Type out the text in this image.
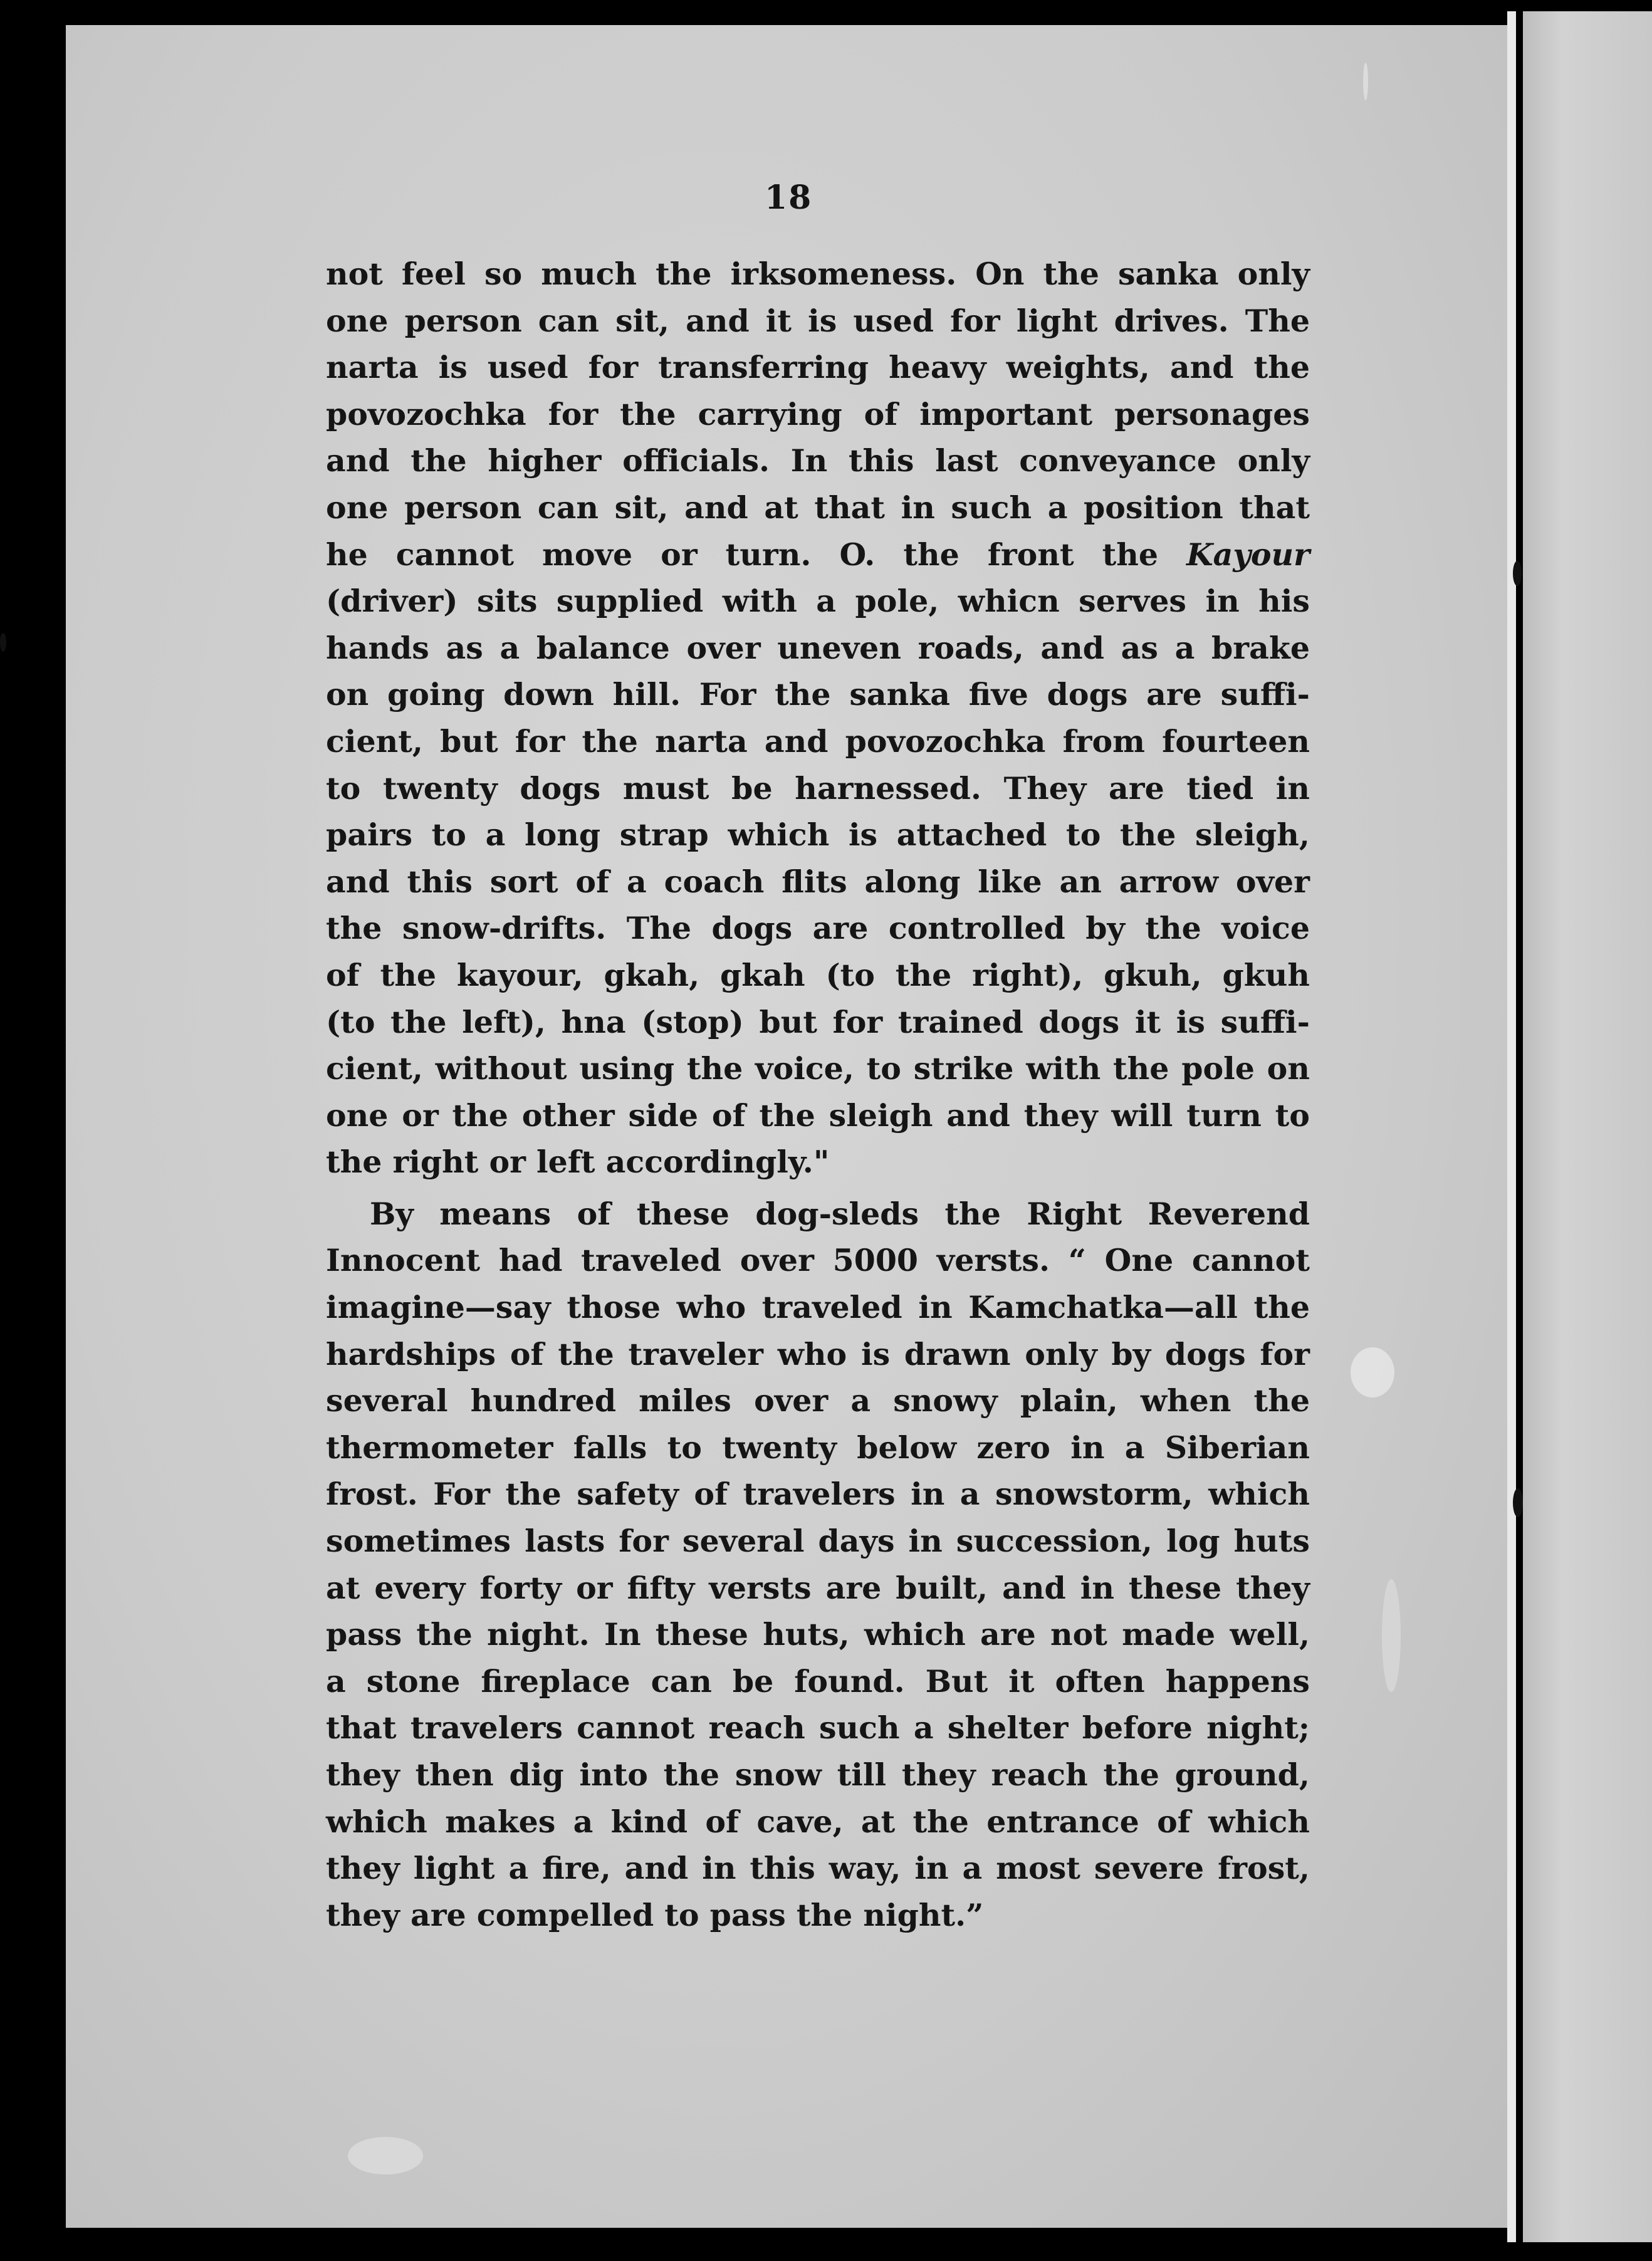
18
not feel so much the irksomeness. On the sanka only
one person can sit, and it is used for light drives. The
narta is used for transferring heavy weights, and the
povozochka for the carrying of important personages
and the higher officials. In this last conveyance only
one person can sit, and at that in such a position that
he cannot move or turn. O. the front the Kayour
(driver) sits supplied with a pole, whicn serves in his
hands as a balance over uneven roads, and as a brake
on going down hill. For the sanka five dogs are suffi-
cient, but for the narta and povozochka from fourteen
to twenty dogs must be harnessed. They are tied in
pairs to a long strap which is attached to the sleigh,
and this sort of a coach flits along like an arrow over
the snow-drifts. The dogs are controlled by the voice
of the kayour, gkah, gkah (to the right), gkuh, gkuh
(to the left), hna (stop) but for trained dogs it is suffi-
cient, without using the voice, to strike with the pole on
one or the other side of the sleigh and they will turn to
the right or left accordingly."
By means of these dog-sleds the Right Reverend
Innocent had traveled over 5000 versts. “ One cannot
imagine—say those who traveled in Kamchatka—all the
hardships of the traveler who is drawn only by dogs for
several hundred miles over a snowy plain, when the
thermometer falls to twenty below zero in a Siberian
frost. For the safety of travelers in a snowstorm, which
sometimes lasts for several days in succession, log huts
at every forty or fifty versts are built, and in these they
pass the night. In these huts, which are not made well,
a stone fireplace can be found. But it often happens
that travelers cannot reach such a shelter before night;
they then dig into the snow till they reach the ground,
which makes a kind of cave, at the entrance of which
they light a fire, and in this way, in a most severe frost,
they are compelled to pass the night.”
